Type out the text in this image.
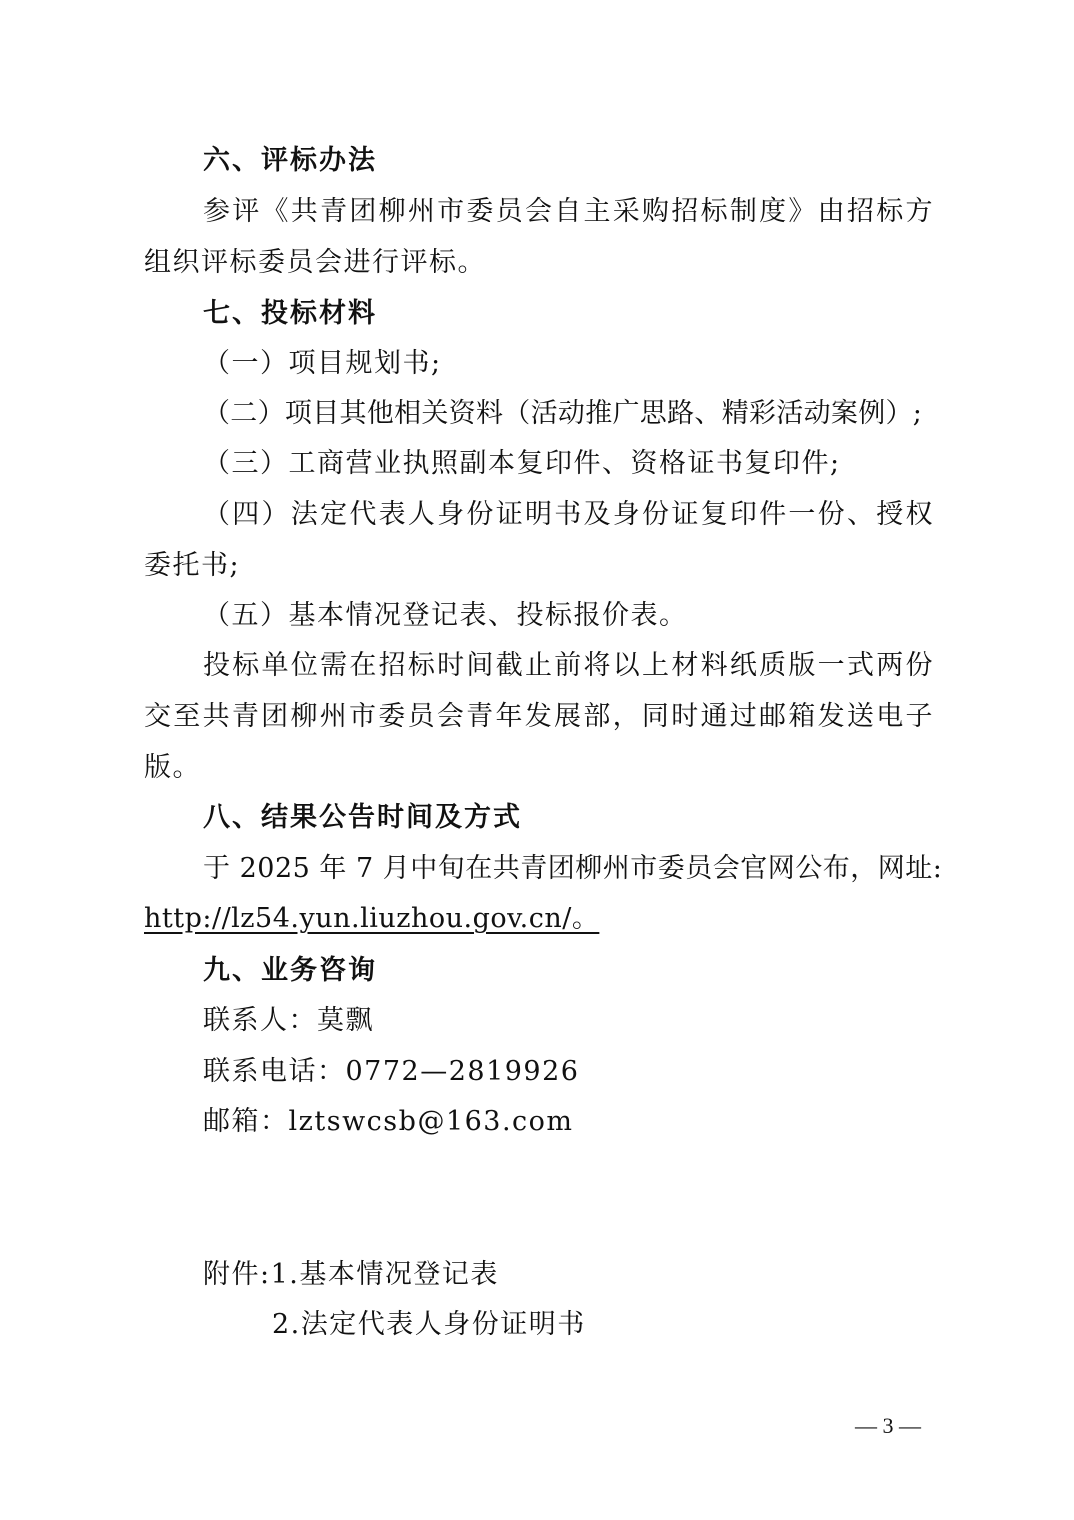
六、评标办法
参评《共青团柳州市委员会自主采购招标制度》由招标方
组织评标委员会进行评标。
七、投标材料
（一）项目规划书;
（二）项目其他相关资料（活动推广思路、精彩活动案例）;
（三）工商营业执照副本复印件、资格证书复印件;
（四）法定代表人身份证明书及身份证复印件一份、授权
委托书;
（五）基本情况登记表、投标报价表。
投标单位需在招标时间截止前将以上材料纸质版一式两份
交至共青团柳州市委员会青年发展部，同时通过邮箱发送电子
版。
八、结果公告时间及方式
于 2025 年 7 月中旬在共青团柳州市委员会官网公布，网址:
http://lz54.yun.liuzhou.gov.cn/。
九、业务咨询
联系人：莫飘
联系电话：0772—2819926
邮箱：lztswcsb@163.com
附件:1.基本情况登记表
2.法定代表人身份证明书
— 3 —
